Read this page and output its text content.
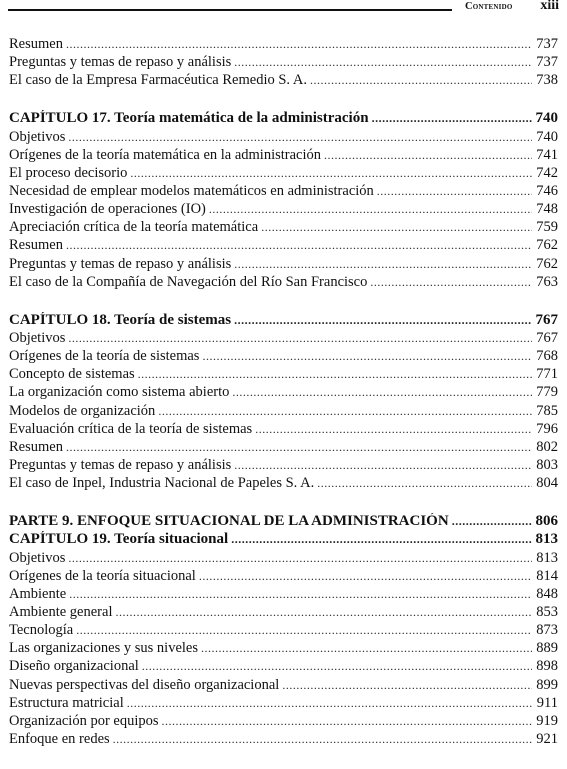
Contenido xiii
Resumen .....	737
Preguntas y temas de repaso y análisis .....	737
El caso de la Empresa Farmacéutica Remedio S. A. .....	738
CAPÍTULO 17. Teoría matemática de la administración .....	740
Objetivos .....	740
Orígenes de la teoría matemática en la administración .....	741
El proceso decisorio .....	742
Necesidad de emplear modelos matemáticos en administración .....	746
Investigación de operaciones (IO) .....	748
Apreciación crítica de la teoría matemática .....	759
Resumen .....	762
Preguntas y temas de repaso y análisis .....	762
El caso de la Compañía de Navegación del Río San Francisco .....	763
CAPÍTULO 18. Teoría de sistemas .....	767
Objetivos .....	767
Orígenes de la teoría de sistemas .....	768
Concepto de sistemas .....	771
La organización como sistema abierto .....	779
Modelos de organización .....	785
Evaluación crítica de la teoría de sistemas .....	796
Resumen .....	802
Preguntas y temas de repaso y análisis .....	803
El caso de Inpel, Industria Nacional de Papeles S. A. .....	804
PARTE 9. ENFOQUE SITUACIONAL DE LA ADMINISTRACIÓN .....	806
CAPÍTULO 19. Teoría situacional .....	813
Objetivos .....	813
Orígenes de la teoría situacional .....	814
Ambiente .....	848
Ambiente general .....	853
Tecnología .....	873
Las organizaciones y sus niveles .....	889
Diseño organizacional .....	898
Nuevas perspectivas del diseño organizacional .....	899
Estructura matricial .....	911
Organización por equipos .....	919
Enfoque en redes .....	921
